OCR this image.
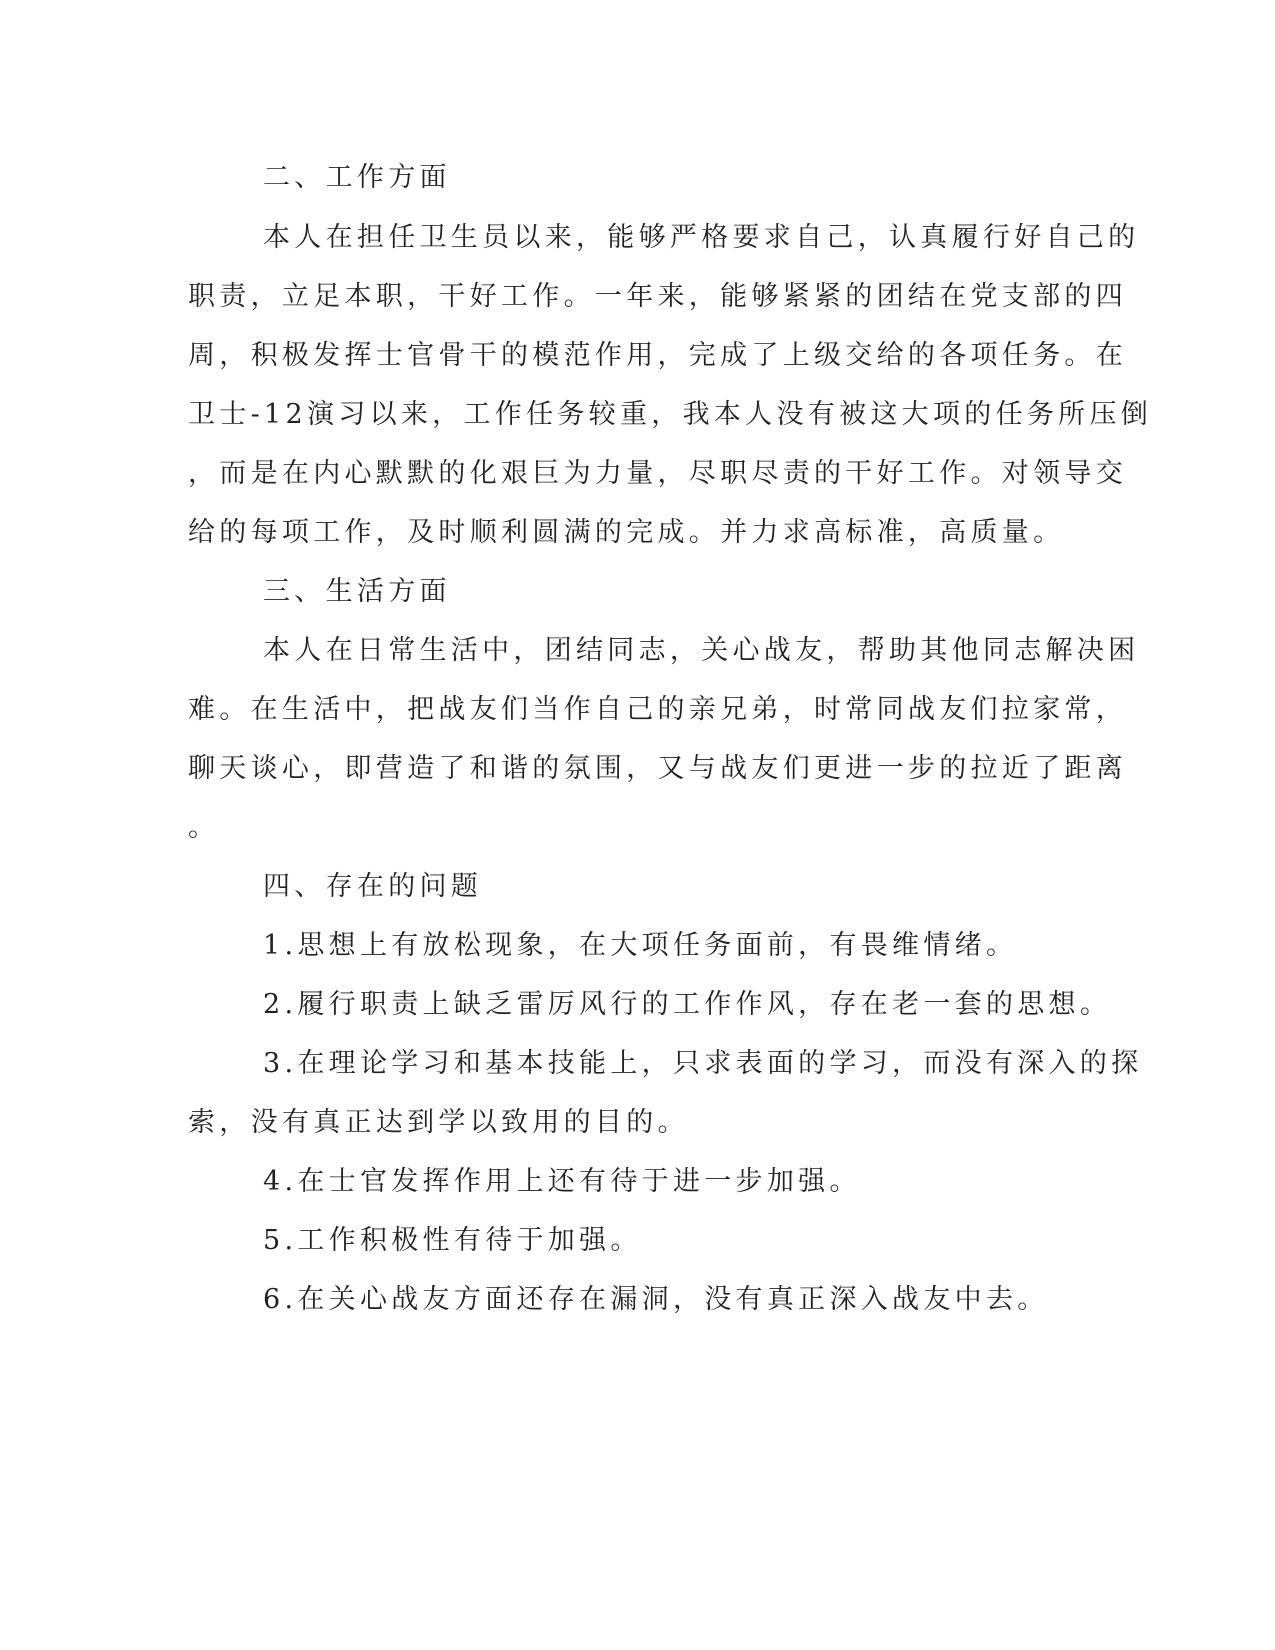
二、工作方面
本人在担任卫生员以来，能够严格要求自己，认真履行好自己的
职责，立足本职，干好工作。一年来，能够紧紧的团结在党支部的四
周，积极发挥士官骨干的模范作用，完成了上级交给的各项任务。在
卫士-12演习以来，工作任务较重，我本人没有被这大项的任务所压倒
，而是在内心默默的化艰巨为力量，尽职尽责的干好工作。对领导交
给的每项工作，及时顺利圆满的完成。并力求高标准，高质量。
三、生活方面
本人在日常生活中，团结同志，关心战友，帮助其他同志解决困
难。在生活中，把战友们当作自己的亲兄弟，时常同战友们拉家常，
聊天谈心，即营造了和谐的氛围，又与战友们更进一步的拉近了距离
。
四、存在的问题
1.思想上有放松现象，在大项任务面前，有畏维情绪。
2.履行职责上缺乏雷厉风行的工作作风，存在老一套的思想。
3.在理论学习和基本技能上，只求表面的学习，而没有深入的探
索，没有真正达到学以致用的目的。
4.在士官发挥作用上还有待于进一步加强。
5.工作积极性有待于加强。
6.在关心战友方面还存在漏洞，没有真正深入战友中去。
